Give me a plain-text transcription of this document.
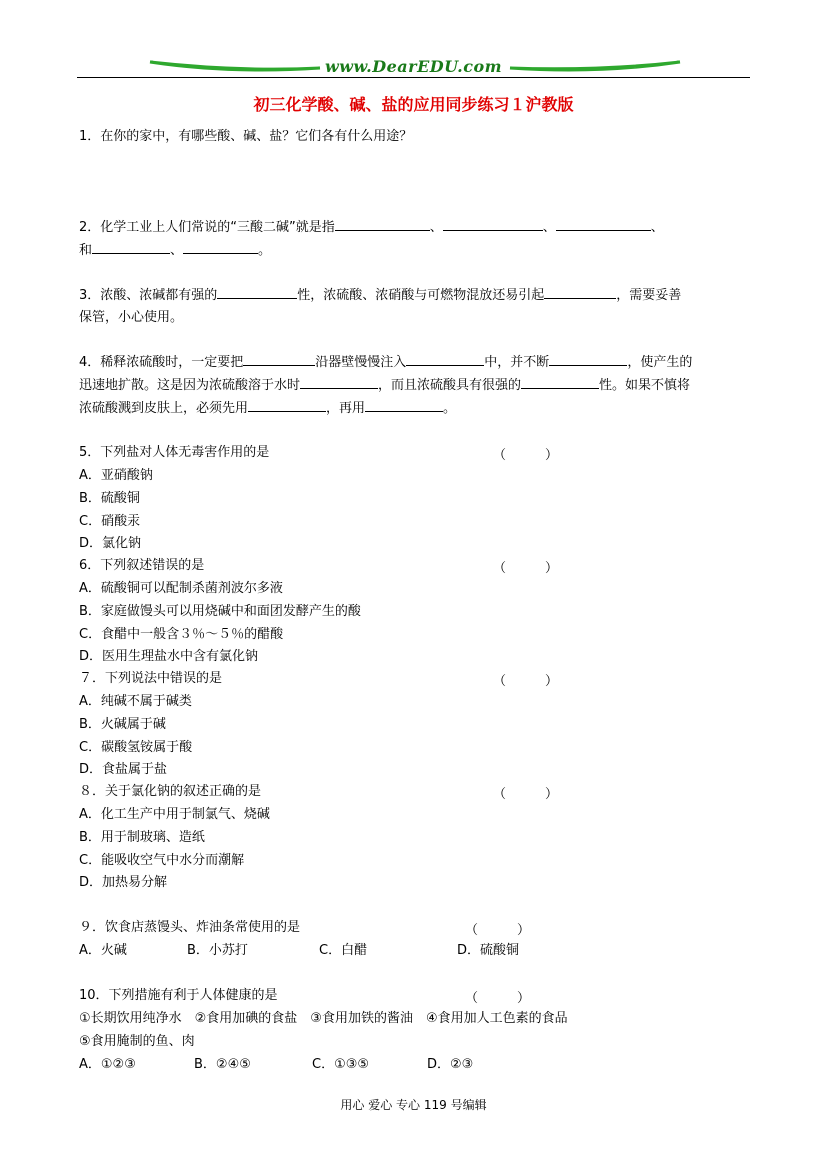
www.DearEDU.com
初三化学酸、碱、盐的应用同步练习１沪教版
1．在你的家中，有哪些酸、碱、盐？它们各有什么用途？
2．化学工业上人们常说的“三酸二碱”就是指	、	、	、
和	、	。
3．浓酸、浓碱都有强的	性，浓硫酸、浓硝酸与可燃物混放还易引起	，需要妥善
保管，小心使用。
4．稀释浓硫酸时，一定要把	沿器壁慢慢注入	中，并不断	，使产生的
迅速地扩散。这是因为浓硫酸溶于水时	，而且浓硫酸具有很强的	性。如果不慎将
浓硫酸溅到皮肤上，必须先用	，再用	。
5．下列盐对人体无毒害作用的是	（　　　）
A．亚硝酸钠
B．硫酸铜
C．硝酸汞
D．氯化钠
6．下列叙述错误的是	（　　　）
A．硫酸铜可以配制杀菌剂波尔多液
B．家庭做馒头可以用烧碱中和面团发酵产生的酸
C．食醋中一般含３％～５％的醋酸
D．医用生理盐水中含有氯化钠
７．下列说法中错误的是	（　　　）
A．纯碱不属于碱类
B．火碱属于碱
C．碳酸氢铵属于酸
D．食盐属于盐
８．关于氯化钠的叙述正确的是	（　　　）
A．化工生产中用于制氯气、烧碱
B．用于制玻璃、造纸
C．能吸收空气中水分而潮解
D．加热易分解
９．饮食店蒸馒头、炸油条常使用的是	（　　　）
A．火碱	B．小苏打	C．白醋	D．硫酸铜
10．下列措施有利于人体健康的是	（　　　）
①长期饮用纯净水　②食用加碘的食盐　③食用加铁的酱油　④食用加人工色素的食品
⑤食用腌制的鱼、肉
A．①②③	B．②④⑤	C．①③⑤	D．②③
用心 爱心 专心 119 号编辑
